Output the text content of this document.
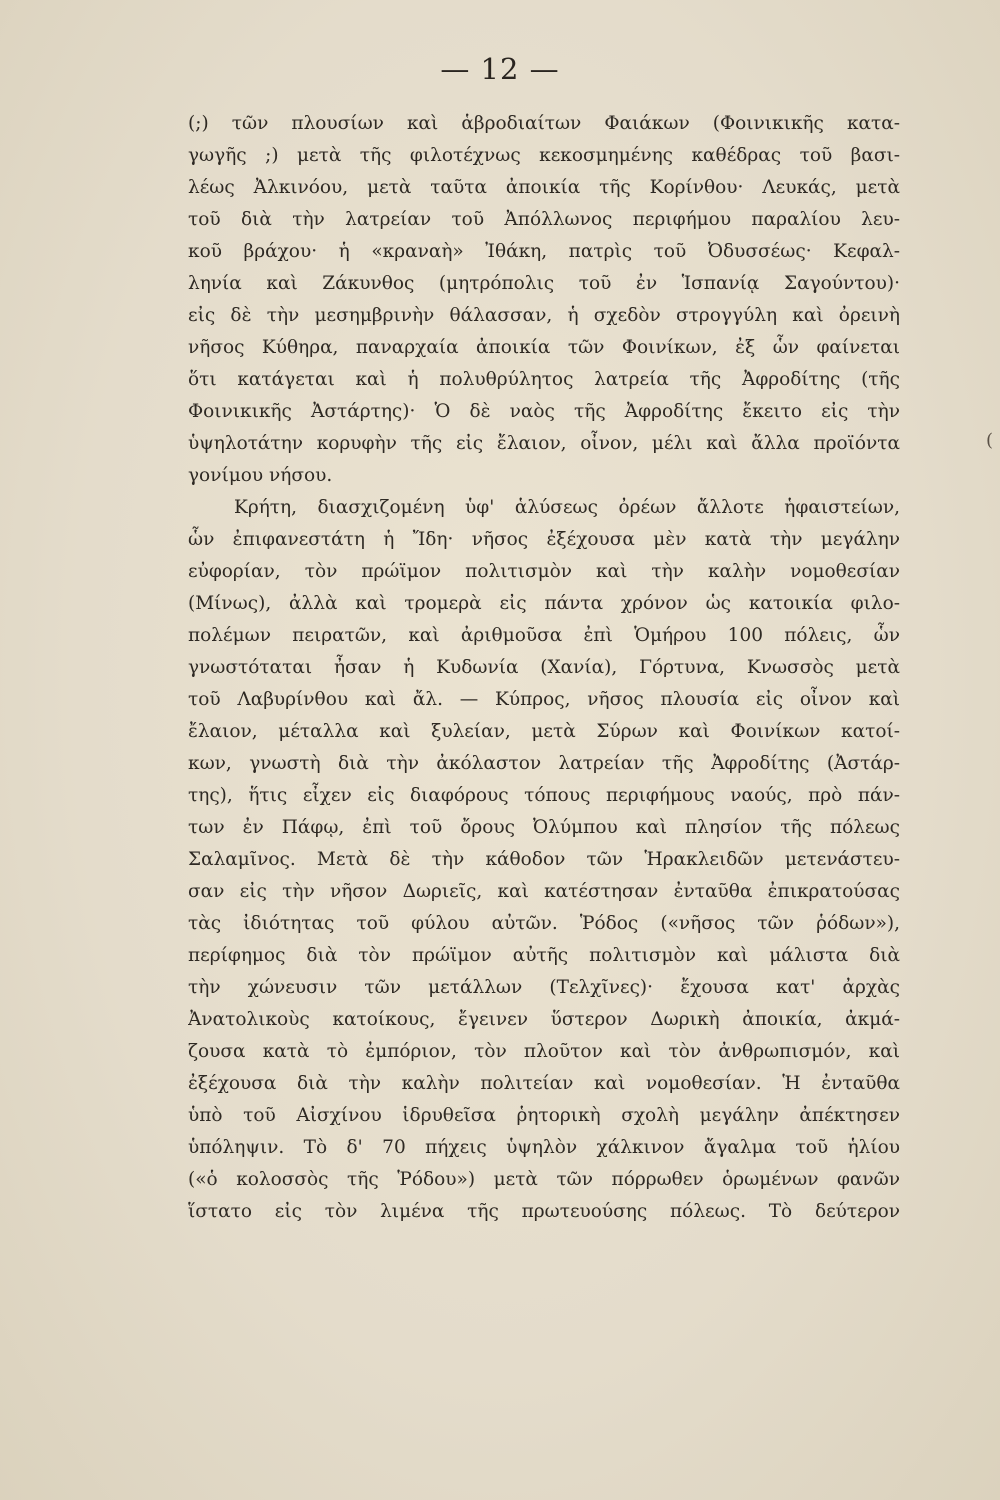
— 12 —
(;) τῶν πλουσίων καὶ ἁβροδιαίτων Φαιάκων (Φοινικικῆς κατα-
γωγῆς ;) μετὰ τῆς φιλοτέχνως κεκοσμημένης καθέδρας τοῦ βασι-
λέως Ἀλκινόου, μετὰ ταῦτα ἀποικία τῆς Κορίνθου· Λευκάς, μετὰ
τοῦ διὰ τὴν λατρείαν τοῦ Ἀπόλλωνος περιφήμου παραλίου λευ-
κοῦ βράχου· ἡ «κραναὴ» Ἰθάκη, πατρὶς τοῦ Ὀδυσσέως· Κεφαλ-
ληνία καὶ Ζάκυνθος (μητρόπολις τοῦ ἐν Ἱσπανίᾳ Σαγούντου)·
εἰς δὲ τὴν μεσημβρινὴν θάλασσαν, ἡ σχεδὸν στρογγύλη καὶ ὀρεινὴ
νῆσος Κύθηρα, παναρχαία ἀποικία τῶν Φοινίκων, ἐξ ὧν φαίνεται
ὅτι κατάγεται καὶ ἡ πολυθρύλητος λατρεία τῆς Ἀφροδίτης (τῆς
Φοινικικῆς Ἀστάρτης)· Ὁ δὲ ναὸς τῆς Ἀφροδίτης ἔκειτο εἰς τὴν
ὑψηλοτάτην κορυφὴν τῆς εἰς ἔλαιον, οἶνον, μέλι καὶ ἄλλα προϊόντα
γονίμου νήσου.
Κρήτη, διασχιζομένη ὑφ' ἁλύσεως ὀρέων ἄλλοτε ἡφαιστείων,
ὧν ἐπιφανεστάτη ἡ Ἴδη· νῆσος ἐξέχουσα μὲν κατὰ τὴν μεγάλην
εὐφορίαν, τὸν πρώϊμον πολιτισμὸν καὶ τὴν καλὴν νομοθεσίαν
(Μίνως), ἀλλὰ καὶ τρομερὰ εἰς πάντα χρόνον ὡς κατοικία φιλο-
πολέμων πειρατῶν, καὶ ἀριθμοῦσα ἐπὶ Ὁμήρου 100 πόλεις, ὧν
γνωστόταται ἦσαν ἡ Κυδωνία (Χανία), Γόρτυνα, Κνωσσὸς μετὰ
τοῦ Λαβυρίνθου καὶ ἄλ. — Κύπρος, νῆσος πλουσία εἰς οἶνον καὶ
ἔλαιον, μέταλλα καὶ ξυλείαν, μετὰ Σύρων καὶ Φοινίκων κατοί-
κων, γνωστὴ διὰ τὴν ἀκόλαστον λατρείαν τῆς Ἀφροδίτης (Ἀστάρ-
της), ἥτις εἶχεν εἰς διαφόρους τόπους περιφήμους ναούς, πρὸ πάν-
των ἐν Πάφῳ, ἐπὶ τοῦ ὄρους Ὀλύμπου καὶ πλησίον τῆς πόλεως
Σαλαμῖνος. Μετὰ δὲ τὴν κάθοδον τῶν Ἡρακλειδῶν μετενάστευ-
σαν εἰς τὴν νῆσον Δωριεῖς, καὶ κατέστησαν ἐνταῦθα ἐπικρατούσας
τὰς ἰδιότητας τοῦ φύλου αὐτῶν. Ῥόδος («νῆσος τῶν ῥόδων»),
περίφημος διὰ τὸν πρώϊμον αὐτῆς πολιτισμὸν καὶ μάλιστα διὰ
τὴν χώνευσιν τῶν μετάλλων (Τελχῖνες)· ἔχουσα κατ' ἀρχὰς
Ἀνατολικοὺς κατοίκους, ἔγεινεν ὕστερον Δωρικὴ ἀποικία, ἀκμά-
ζουσα κατὰ τὸ ἐμπόριον, τὸν πλοῦτον καὶ τὸν ἀνθρωπισμόν, καὶ
ἐξέχουσα διὰ τὴν καλὴν πολιτείαν καὶ νομοθεσίαν. Ἡ ἐνταῦθα
ὑπὸ τοῦ Αἰσχίνου ἱδρυθεῖσα ῥητορικὴ σχολὴ μεγάλην ἀπέκτησεν
ὑπόληψιν. Τὸ δ' 70 πήχεις ὑψηλὸν χάλκινον ἄγαλμα τοῦ ἡλίου
(«ὁ κολοσσὸς τῆς Ῥόδου») μετὰ τῶν πόρρωθεν ὁρωμένων φανῶν
ἵστατο εἰς τὸν λιμένα τῆς πρωτευούσης πόλεως. Τὸ δεύτερον
(
